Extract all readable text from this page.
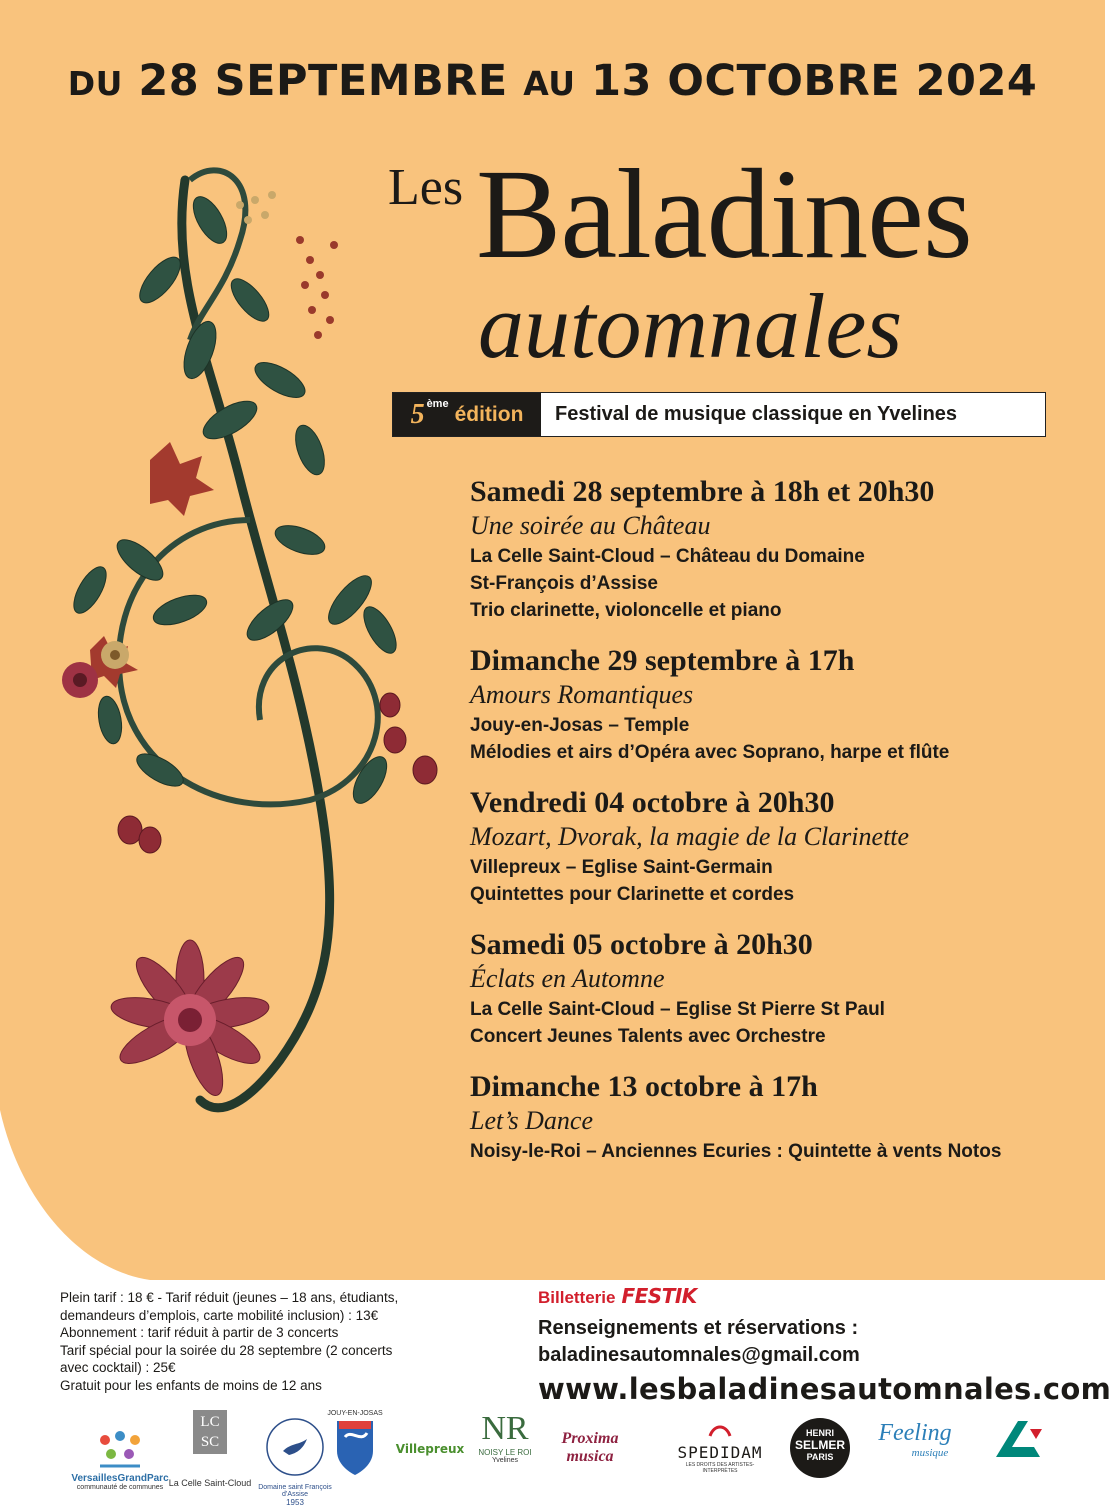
DU 28 SEPTEMBRE AU 13 OCTOBRE 2024
Les Baladines
automnales
5 ème édition	Festival de musique classique en Yvelines
Samedi 28 septembre à 18h et 20h30
Une soirée au Château
La Celle Saint-Cloud – Château du Domaine
St-François d’Assise
Trio clarinette, violoncelle et piano
Dimanche 29 septembre à 17h
Amours Romantiques
Jouy-en-Josas – Temple
Mélodies et airs d’Opéra avec Soprano, harpe et flûte
Vendredi 04 octobre à 20h30
Mozart, Dvorak, la magie de la Clarinette
Villepreux – Eglise Saint-Germain
Quintettes pour Clarinette et cordes
Samedi 05 octobre à 20h30
Éclats en Automne
La Celle Saint-Cloud – Eglise St Pierre St Paul
Concert Jeunes Talents avec Orchestre
Dimanche 13 octobre à 17h
Let’s Dance
Noisy-le-Roi – Anciennes Ecuries : Quintette à vents Notos
Plein tarif : 18 € - Tarif réduit (jeunes – 18 ans, étudiants,
demandeurs d’emplois, carte mobilité inclusion) : 13€
Abonnement : tarif réduit à partir de 3 concerts
Tarif spécial pour la soirée du 28 septembre (2 concerts
avec cocktail) : 25€
Gratuit pour les enfants de moins de 12 ans
Billetterie FESTIK
Renseignements et réservations :
baladinesautomnales@gmail.com
www.lesbaladinesautomnales.com
VersaillesGrandParc
communauté de communes
LC
SC
La Celle Saint-Cloud Domaine saint François d’Assise
1953
JOUY-EN-JOSAS
Villepreux
NR
NOISY LE ROI
Yvelines
Proxima
musica	SPEDIDAM
LES DROITS DES ARTISTES-INTERPRÈTES
HENRI
SELMER
PARIS
Feeling
musique
